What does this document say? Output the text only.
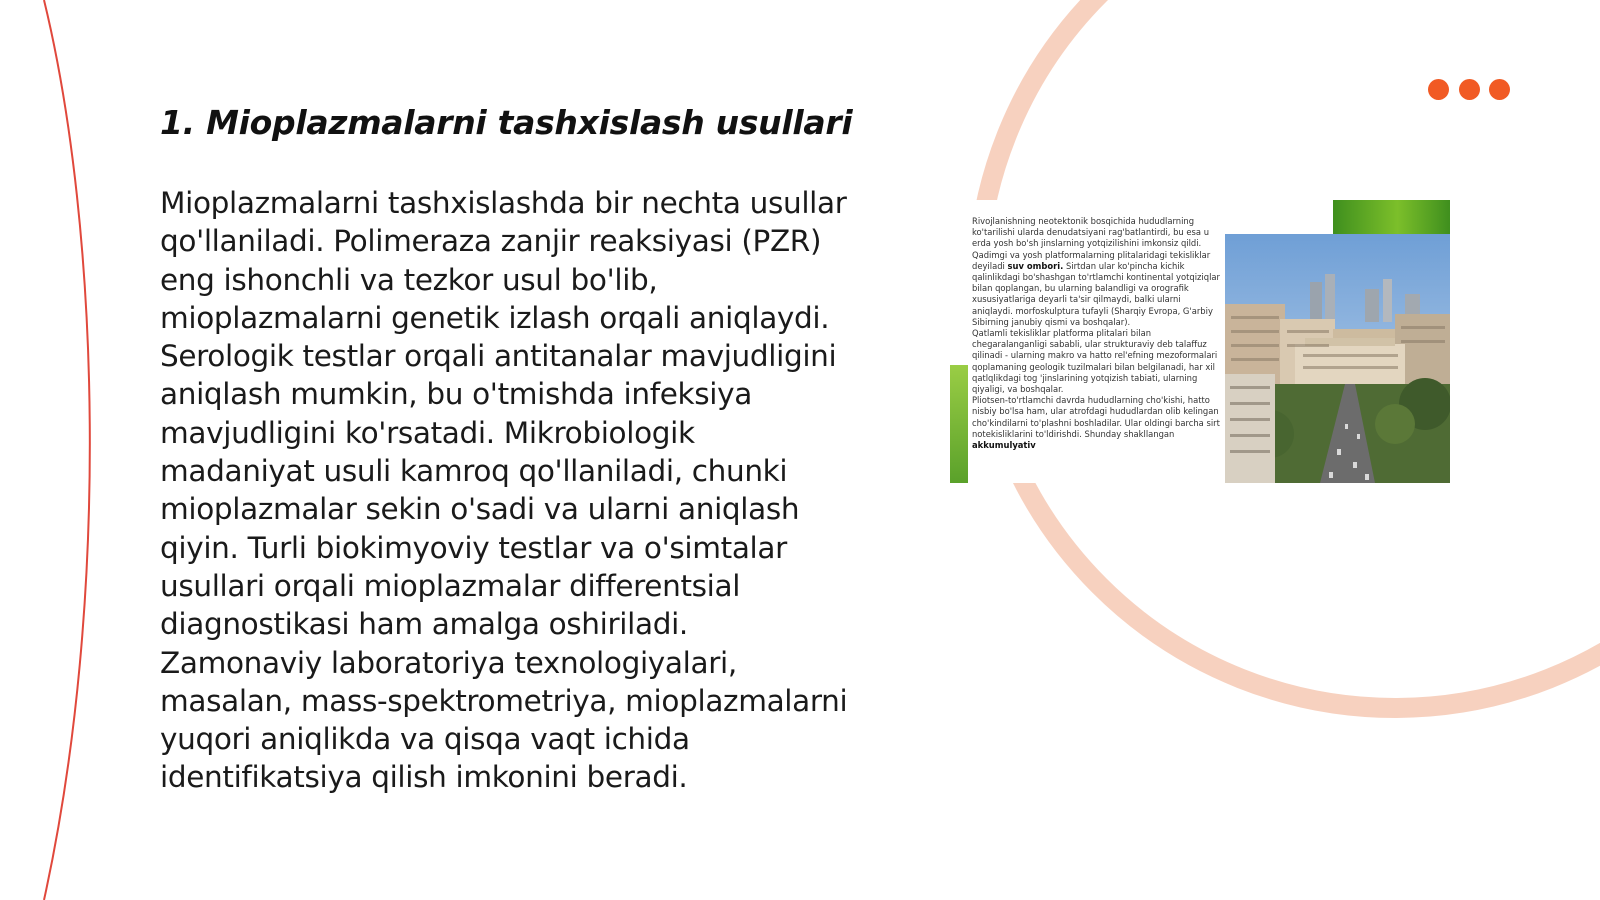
1. Mioplazmalarni tashxislash usullari

Mioplazmalarni tashxislashda bir nechta usullar qo'llaniladi. Polimeraza zanjir reaksiyasi (PZR) eng ishonchli va tezkor usul bo'lib, mioplazmalarni genetik izlash orqali aniqlaydi. Serologik testlar orqali antitanalar mavjudligini aniqlash mumkin, bu o'tmishda infeksiya mavjudligini ko'rsatadi. Mikrobiologik madaniyat usuli kamroq qo'llaniladi, chunki mioplazmalar sekin o'sadi va ularni aniqlash qiyin. Turli biokimyoviy testlar va o'simtalar usullari orqali mioplazmalar differentsial diagnostikasi ham amalga oshiriladi. Zamonaviy laboratoriya texnologiyalari, masalan, mass-spektrometriya, mioplazmalarni yuqori aniqlikda va qisqa vaqt ichida identifikatsiya qilish imkonini beradi.

Rivojlanishning neotektonik bosqichida hududlarning ko'tarilishi ularda denudatsiyani rag'batlantirdi, bu esa u erda yosh bo'sh jinslarning yotqizilishini imkonsiz qildi. Qadimgi va yosh platformalarning plitalaridagi tekisliklar deyiladi suv ombori. Sirtdan ular ko'pincha kichik qalinlikdagi bo'shashgan to'rtlamchi kontinental yotqiziqlar bilan qoplangan, bu ularning balandligi va orografik xususiyatlariga deyarli ta'sir qilmaydi, balki ularni aniqlaydi. morfoskulptura tufayli (Sharqiy Evropa, G'arbiy Sibirning janubiy qismi va boshqalar).
Qatlamli tekisliklar platforma plitalari bilan chegaralanganligi sababli, ular strukturaviy deb talaffuz qilinadi - ularning makro va hatto rel'efning mezoformalari qoplamaning geologik tuzilmalari bilan belgilanadi, har xil qatlqlikdagi tog 'jinslarining yotqizish tabiati, ularning qiyaligi, va boshqalar.
Pliotsen-to'rtlamchi davrda hududlarning cho'kishi, hatto nisbiy bo'lsa ham, ular atrofdagi hududlardan olib kelingan cho'kindilarni to'plashni boshladilar. Ular oldingi barcha sirt notekisliklarini to'ldirishdi. Shunday shakllangan akkumulyativ
